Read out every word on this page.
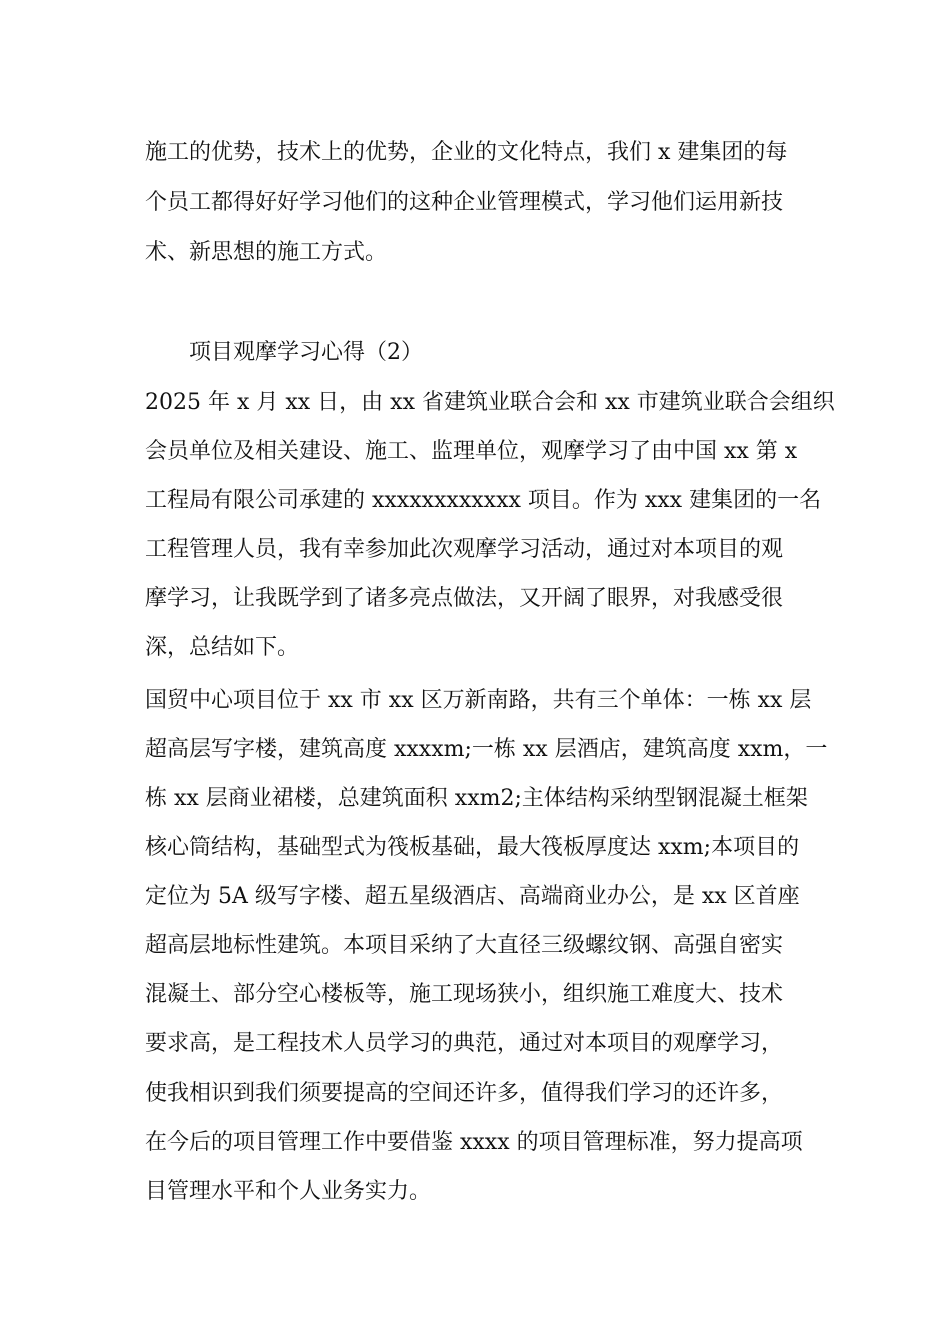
施工的优势，技术上的优势，企业的文化特点，我们 x 建集团的每
个员工都得好好学习他们的这种企业管理模式，学习他们运用新技
术、新思想的施工方式。
项目观摩学习心得（2）
2025 年 x 月 xx 日，由 xx 省建筑业联合会和 xx 市建筑业联合会组织
会员单位及相关建设、施工、监理单位，观摩学习了由中国 xx 第 x
工程局有限公司承建的 xxxxxxxxxxxx 项目。作为 xxx 建集团的一名
工程管理人员，我有幸参加此次观摩学习活动，通过对本项目的观
摩学习，让我既学到了诸多亮点做法，又开阔了眼界，对我感受很
深，总结如下。
国贸中心项目位于 xx 市 xx 区万新南路，共有三个单体：一栋 xx 层
超高层写字楼，建筑高度 xxxxm;一栋 xx 层酒店，建筑高度 xxm，一
栋 xx 层商业裙楼，总建筑面积 xxm2;主体结构采纳型钢混凝土框架
核心筒结构，基础型式为筏板基础，最大筏板厚度达 xxm;本项目的
定位为 5A 级写字楼、超五星级酒店、高端商业办公，是 xx 区首座
超高层地标性建筑。本项目采纳了大直径三级螺纹钢、高强自密实
混凝土、部分空心楼板等，施工现场狭小，组织施工难度大、技术
要求高，是工程技术人员学习的典范，通过对本项目的观摩学习，
使我相识到我们须要提高的空间还许多，值得我们学习的还许多，
在今后的项目管理工作中要借鉴 xxxx 的项目管理标准，努力提高项
目管理水平和个人业务实力。
